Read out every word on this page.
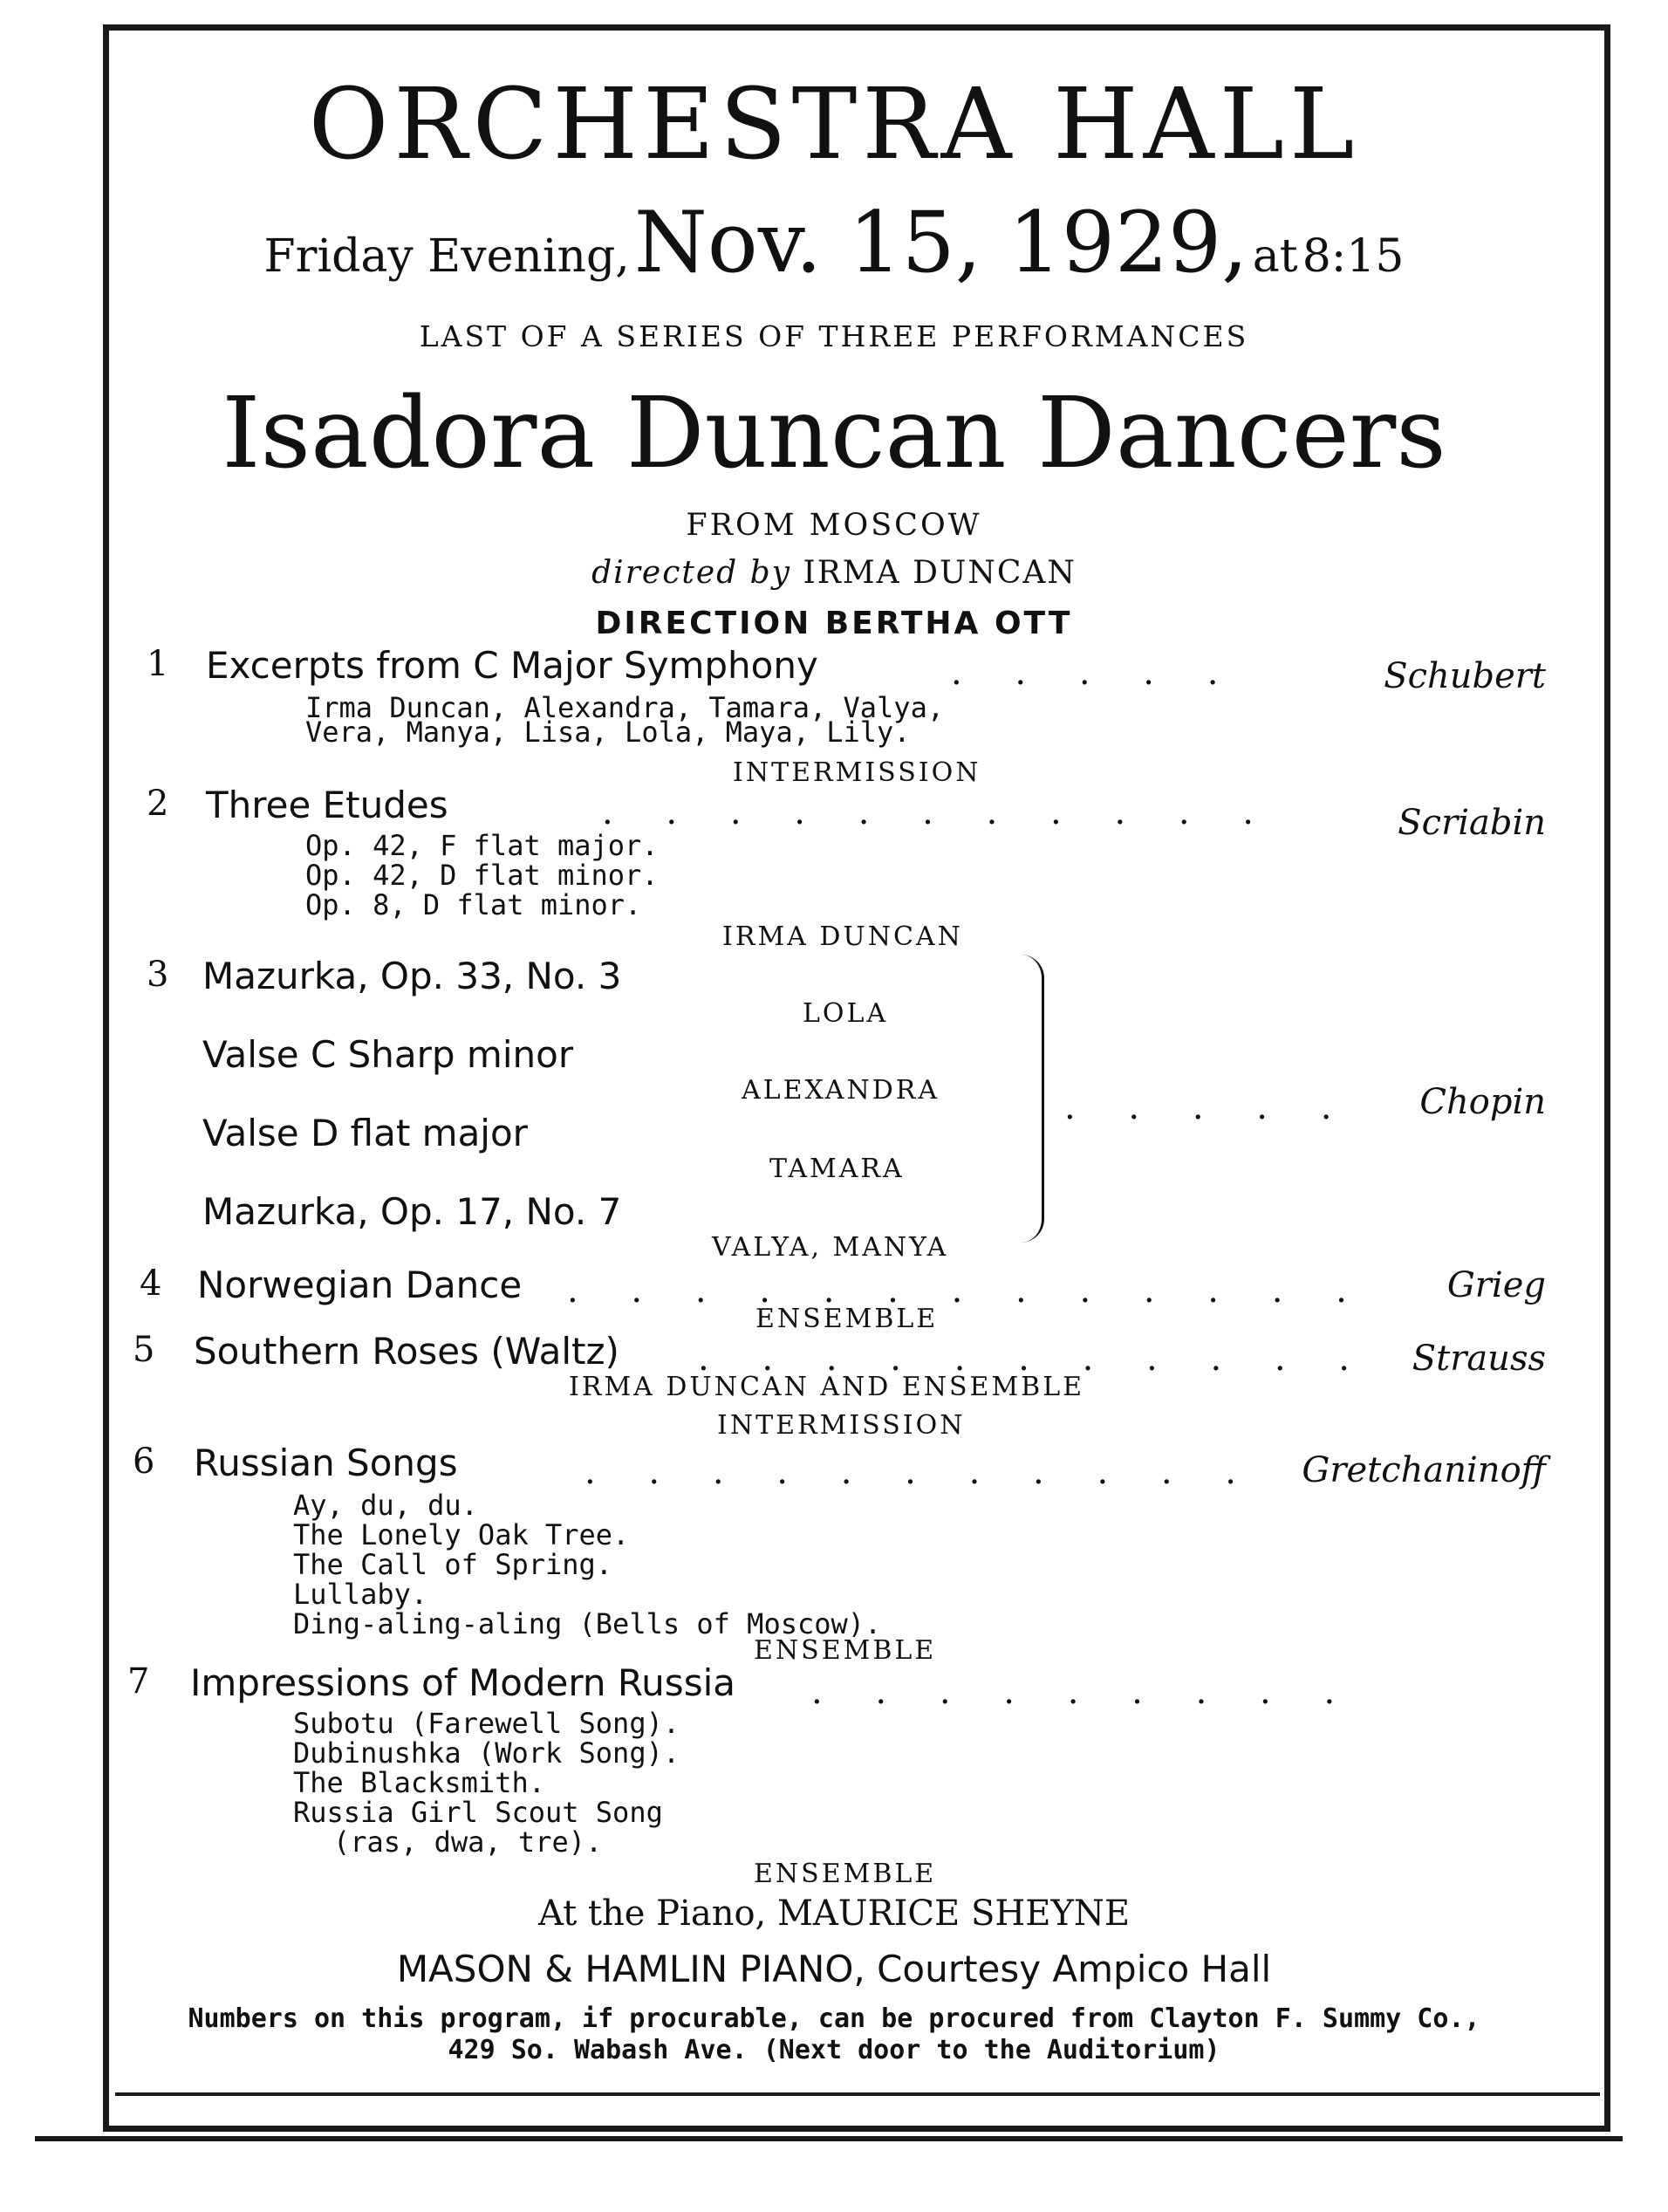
ORCHESTRA HALL
Friday Evening, Nov. 15, 1929, at 8:15
LAST OF A SERIES OF THREE PERFORMANCES
Isadora Duncan Dancers
FROM MOSCOW
directed by IRMA DUNCAN
DIRECTION BERTHA OTT
1 Excerpts from C Major Symphony	. . . . .	Schubert
Irma Duncan, Alexandra, Tamara, Valya,
Vera, Manya, Lisa, Lola, Maya, Lily.
INTERMISSION
2 Three Etudes	. . . . . . . . . . .	Scriabin
Op. 42, F flat major.
Op. 42, D flat minor.
Op. 8, D flat minor.
IRMA DUNCAN
3 Mazurka, Op. 33, No. 3
LOLA
Valse C Sharp minor
ALEXANDRA
Valse D flat major
TAMARA
Mazurka, Op. 17, No. 7
VALYA, MANYA
. . . . . Chopin
4 Norwegian Dance . . . . . . . . . . . . . Grieg
ENSEMBLE
5 Southern Roses (Waltz) . . . . . . . . . . . Strauss
IRMA DUNCAN AND ENSEMBLE
INTERMISSION
6 Russian Songs	. . . . . . . . . . . Gretchaninoff
Ay, du, du.
The Lonely Oak Tree.
The Call of Spring.
Lullaby.
Ding-aling-aling (Bells of Moscow).
ENSEMBLE
7 Impressions of Modern Russia . . . . . . . . .
Subotu (Farewell Song).
Dubinushka (Work Song).
The Blacksmith.
Russia Girl Scout Song
(ras, dwa, tre).
ENSEMBLE
At the Piano, MAURICE SHEYNE
MASON & HAMLIN PIANO, Courtesy Ampico Hall
Numbers on this program, if procurable, can be procured from Clayton F. Summy Co.,
429 So. Wabash Ave. (Next door to the Auditorium)
